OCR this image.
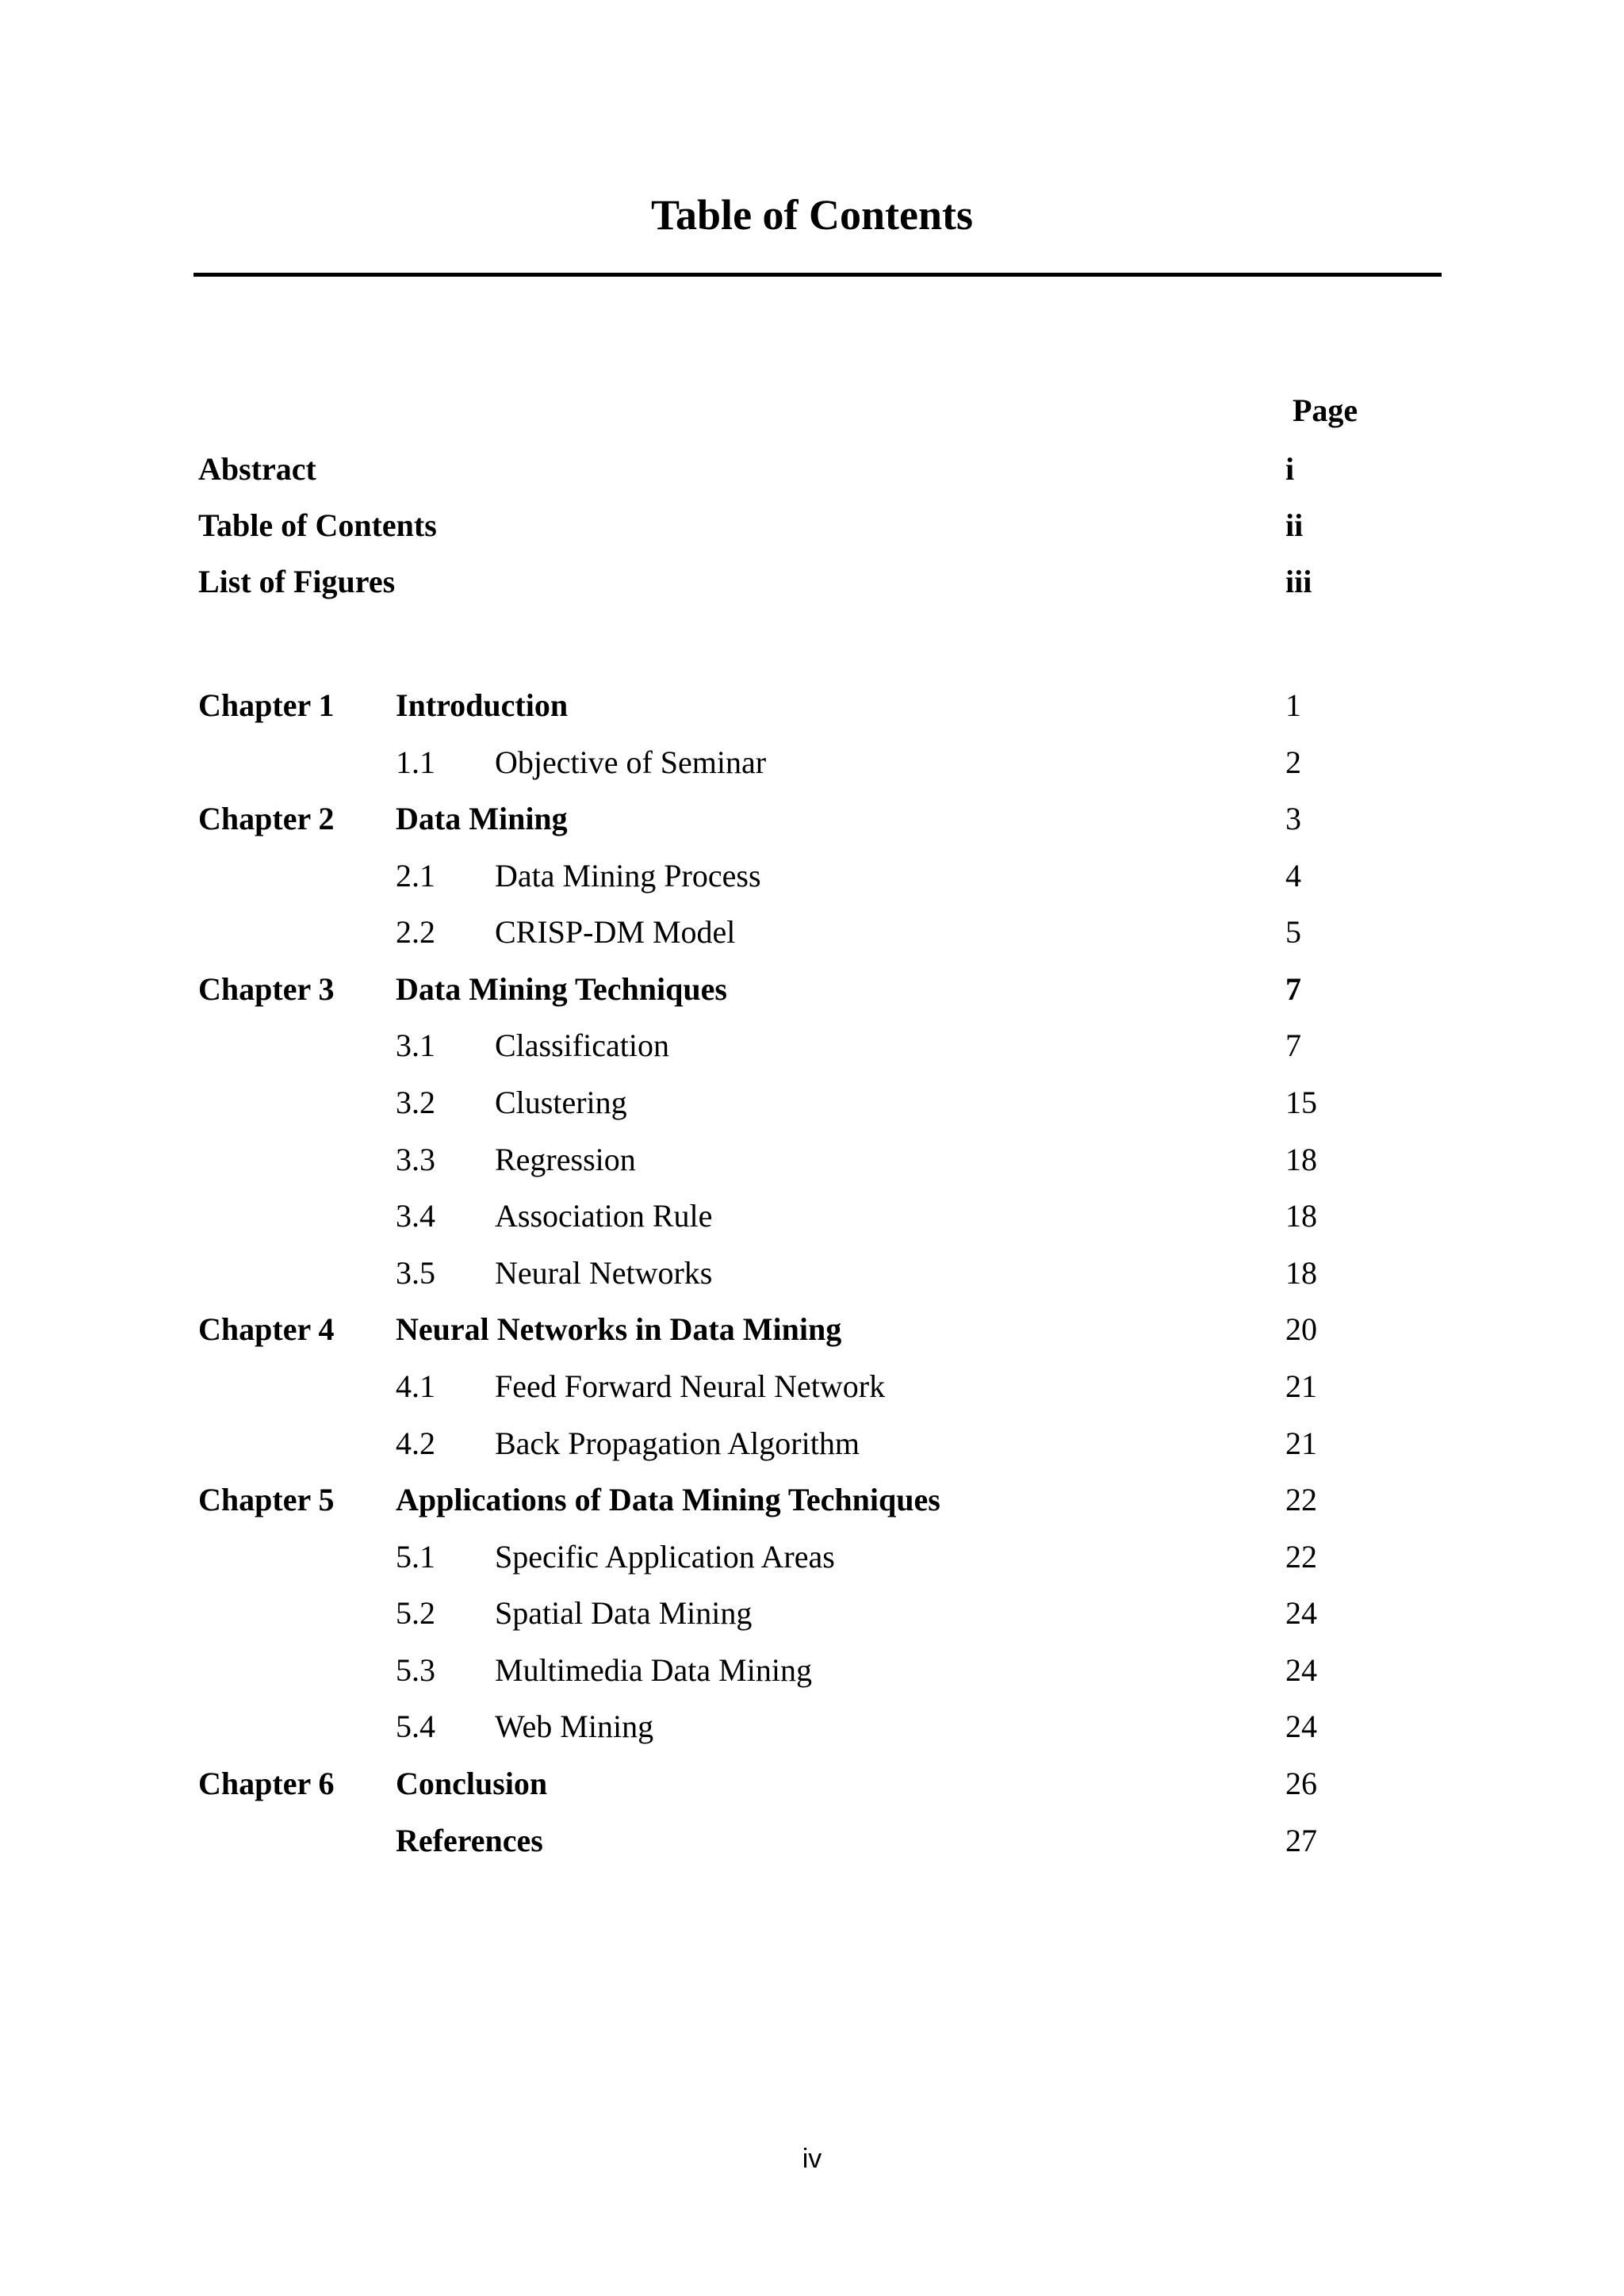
Table of Contents
Page
Abstract	i
Table of Contents	ii
List of Figures	iii
Chapter 1 Introduction	1
1.1 Objective of Seminar	2
Chapter 2 Data Mining	3
2.1 Data Mining Process	4
2.2 CRISP-DM Model	5
Chapter 3 Data Mining Techniques	7
3.1 Classification	7
3.2 Clustering	15
3.3 Regression	18
3.4 Association Rule	18
3.5 Neural Networks	18
Chapter 4 Neural Networks in Data Mining	20
4.1 Feed Forward Neural Network	21
4.2 Back Propagation Algorithm	21
Chapter 5 Applications of Data Mining Techniques	22
5.1 Specific Application Areas	22
5.2 Spatial Data Mining	24
5.3 Multimedia Data Mining	24
5.4 Web Mining	24
Chapter 6 Conclusion	26
References	27
iv
